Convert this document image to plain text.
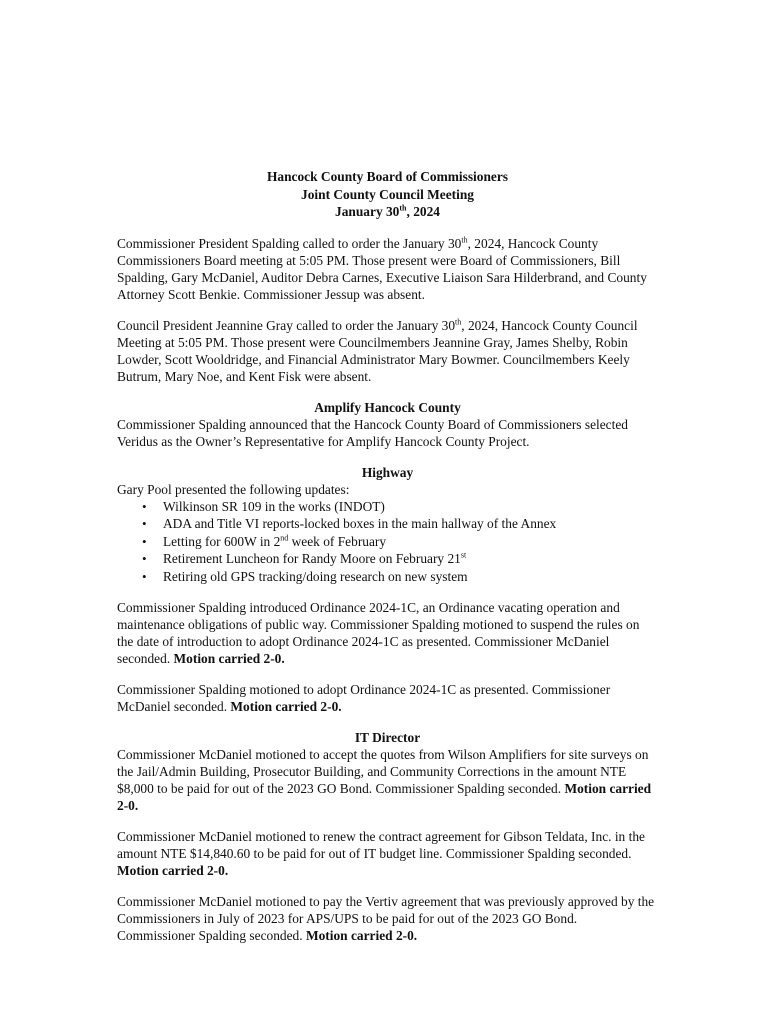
Hancock County Board of Commissioners
Joint County Council Meeting
January 30th, 2024

Commissioner President Spalding called to order the January 30th, 2024, Hancock County Commissioners Board meeting at 5:05 PM. Those present were Board of Commissioners, Bill Spalding, Gary McDaniel, Auditor Debra Carnes, Executive Liaison Sara Hilderbrand, and County Attorney Scott Benkie. Commissioner Jessup was absent.

Council President Jeannine Gray called to order the January 30th, 2024, Hancock County Council Meeting at 5:05 PM. Those present were Councilmembers Jeannine Gray, James Shelby, Robin Lowder, Scott Wooldridge, and Financial Administrator Mary Bowmer. Councilmembers Keely Butrum, Mary Noe, and Kent Fisk were absent.

Amplify Hancock County
Commissioner Spalding announced that the Hancock County Board of Commissioners selected Veridus as the Owner’s Representative for Amplify Hancock County Project.
Highway
Gary Pool presented the following updates:
• Wilkinson SR 109 in the works (INDOT)
• ADA and Title VI reports-locked boxes in the main hallway of the Annex
• Letting for 600W in 2nd week of February
• Retirement Luncheon for Randy Moore on February 21st
• Retiring old GPS tracking/doing research on new system

Commissioner Spalding introduced Ordinance 2024-1C, an Ordinance vacating operation and maintenance obligations of public way. Commissioner Spalding motioned to suspend the rules on the date of introduction to adopt Ordinance 2024-1C as presented. Commissioner McDaniel seconded. Motion carried 2-0.

Commissioner Spalding motioned to adopt Ordinance 2024-1C as presented. Commissioner McDaniel seconded. Motion carried 2-0.

IT Director

Commissioner McDaniel motioned to accept the quotes from Wilson Amplifiers for site surveys on the Jail/Admin Building, Prosecutor Building, and Community Corrections in the amount NTE $8,000 to be paid for out of the 2023 GO Bond. Commissioner Spalding seconded. Motion carried 2-0.

Commissioner McDaniel motioned to renew the contract agreement for Gibson Teldata, Inc. in the amount NTE $14,840.60 to be paid for out of IT budget line. Commissioner Spalding seconded. Motion carried 2-0.

Commissioner McDaniel motioned to pay the Vertiv agreement that was previously approved by the Commissioners in July of 2023 for APS/UPS to be paid for out of the 2023 GO Bond. Commissioner Spalding seconded. Motion carried 2-0.
